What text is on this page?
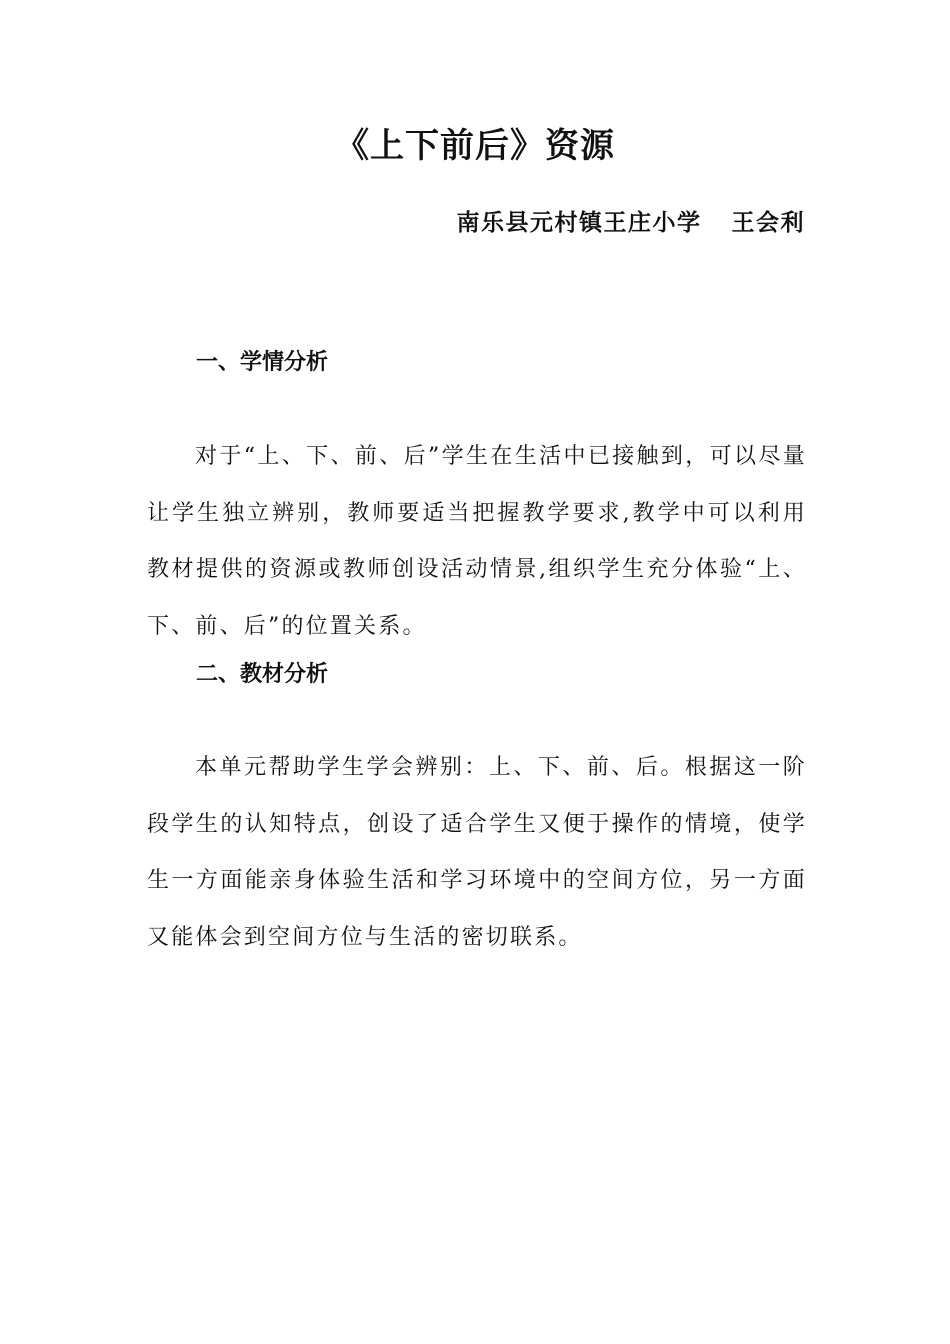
《上下前后》资源
南乐县元村镇王庄小学 王会利
一、学情分析

对于“上、下、前、后”学生在生活中已接触到，可以尽量让学生独立辨别，教师要适当把握教学要求,教学中可以利用教材提供的资源或教师创设活动情景,组织学生充分体验“上、下、前、后”的位置关系。

二、教材分析

本单元帮助学生学会辨别：上、下、前、后。根据这一阶段学生的认知特点，创设了适合学生又便于操作的情境，使学生一方面能亲身体验生活和学习环境中的空间方位，另一方面又能体会到空间方位与生活的密切联系。
